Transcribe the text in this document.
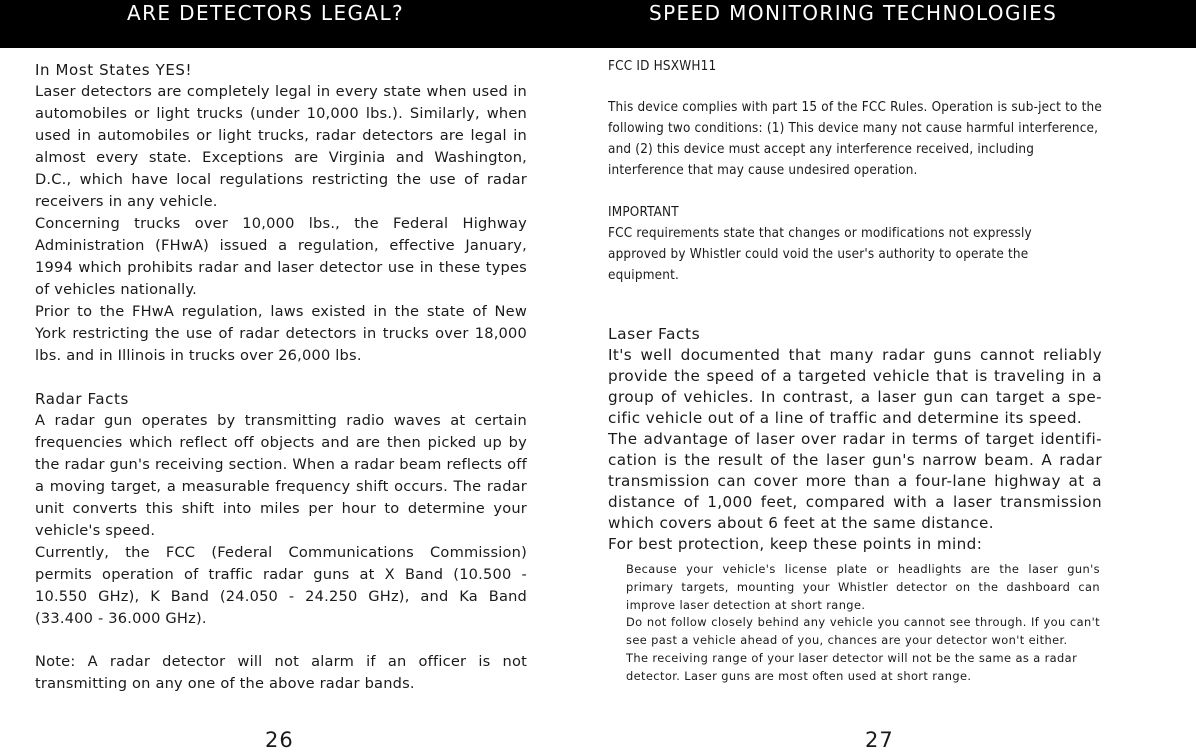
ARE DETECTORS LEGAL?	SPEED MONITORING TECHNOLOGIES
In Most States YES!

Laser detectors are completely legal in every state when used in automobiles or light trucks (under 10,000 lbs.). Similarly, when used in automobiles or light trucks, radar detectors are legal in almost every state. Exceptions are Virginia and Washington, D.C., which have local regulations restricting the use of radar receivers in any vehicle.

Concerning trucks over 10,000 lbs., the Federal Highway Administration (FHwA) issued a regulation, effective January, 1994 which prohibits radar and laser detector use in these types of vehicles nationally.

Prior to the FHwA regulation, laws existed in the state of New York restricting the use of radar detectors in trucks over 18,000 lbs. and in Illinois in trucks over 26,000 lbs.

Radar Facts

A radar gun operates by transmitting radio waves at certain frequencies which reflect off objects and are then picked up by the radar gun's receiving section. When a radar beam reflects off a moving target, a measurable frequency shift occurs. The radar unit converts this shift into miles per hour to determine your vehicle's speed.

Currently, the FCC (Federal Communications Commission) permits operation of traffic radar guns at X Band (10.500 - 10.550 GHz), K Band (24.050 - 24.250 GHz), and Ka Band (33.400 - 36.000 GHz).

Note: A radar detector will not alarm if an officer is not transmitting on any one of the above radar bands.

FCC ID HSXWH11
This device complies with part 15 of the FCC Rules. Operation is sub-ject to the following two conditions: (1) This device many not cause harmful interference, and (2) this device must accept any interference received, including interference that may cause undesired operation.
IMPORTANT
FCC requirements state that changes or modifications not expressly approved by Whistler could void the user's authority to operate the equipment.
Laser Facts

It's well documented that many radar guns cannot reliably provide the speed of a targeted vehicle that is traveling in a group of vehicles. In contrast, a laser gun can target a spe-cific vehicle out of a line of traffic and determine its speed.

The advantage of laser over radar in terms of target identifi-cation is the result of the laser gun's narrow beam. A radar transmission can cover more than a four-lane highway at a distance of 1,000 feet, compared with a laser transmission which covers about 6 feet at the same distance.

For best protection, keep these points in mind:

Because your vehicle's license plate or headlights are the laser gun's primary targets, mounting your Whistler detector on the dashboard can improve laser detection at short range.

Do not follow closely behind any vehicle you cannot see through. If you can't see past a vehicle ahead of you, chances are your detector won't either.

The receiving range of your laser detector will not be the same as a radar detector. Laser guns are most often used at short range.

26	27
